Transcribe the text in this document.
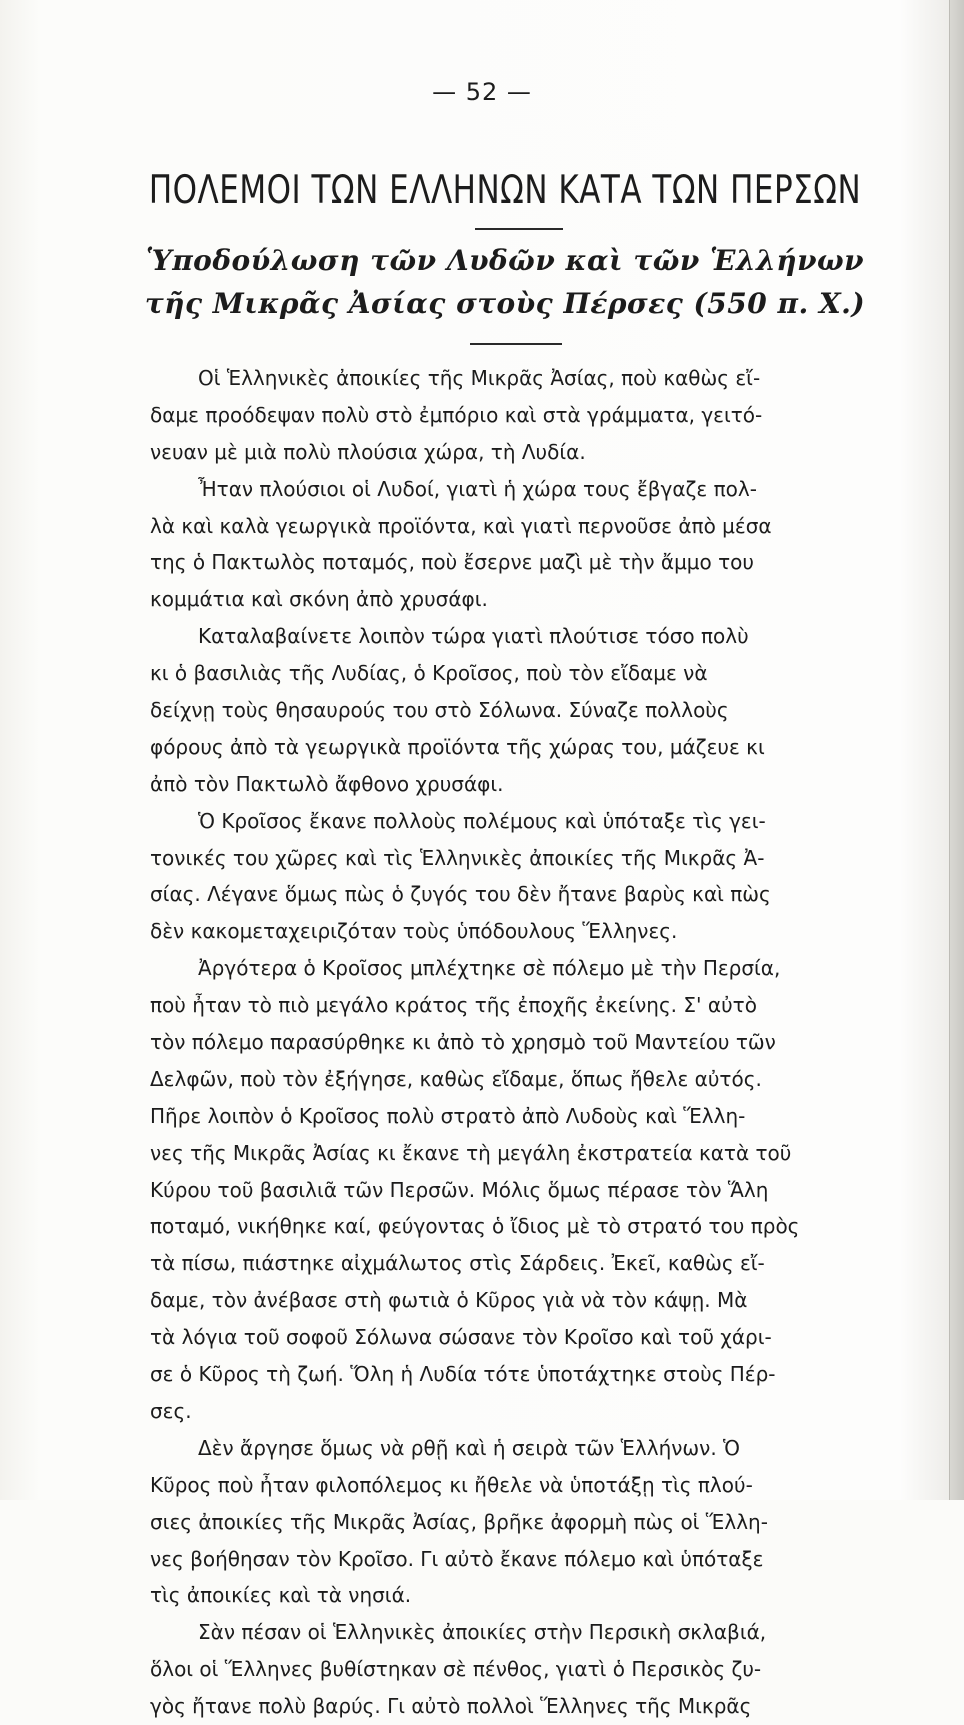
— 52 —
ΠΟΛΕΜΟΙ ΤΩΝ ΕΛΛΗΝΩΝ ΚΑΤΑ ΤΩΝ ΠΕΡΣΩΝ
Ὑποδούλωση τῶν Λυδῶν καὶ τῶν Ἑλλήνων
τῆς Μικρᾶς Ἀσίας στοὺς Πέρσες (550 π. Χ.)
Οἱ Ἑλληνικὲς ἀποικίες τῆς Μικρᾶς Ἀσίας, ποὺ καθὼς εἴ-
δαμε προόδεψαν πολὺ στὸ ἐμπόριο καὶ στὰ γράμματα, γειτό-
νευαν μὲ μιὰ πολὺ πλούσια χώρα, τὴ Λυδία.
Ἦταν πλούσιοι οἱ Λυδοί, γιατὶ ἡ χώρα τους ἔβγαζε πολ-
λὰ καὶ καλὰ γεωργικὰ προϊόντα, καὶ γιατὶ περνοῦσε ἀπὸ μέσα
της ὁ Πακτωλὸς ποταμός, ποὺ ἔσερνε μαζὶ μὲ τὴν ἄμμο του
κομμάτια καὶ σκόνη ἀπὸ χρυσάφι.
Καταλαβαίνετε λοιπὸν τώρα γιατὶ πλούτισε τόσο πολὺ
κι ὁ βασιλιὰς τῆς Λυδίας, ὁ Κροῖσος, ποὺ τὸν εἴδαμε νὰ
δείχνῃ τοὺς θησαυρούς του στὸ Σόλωνα. Σύναζε πολλοὺς
φόρους ἀπὸ τὰ γεωργικὰ προϊόντα τῆς χώρας του, μάζευε κι
ἀπὸ τὸν Πακτωλὸ ἄφθονο χρυσάφι.
Ὁ Κροῖσος ἔκανε πολλοὺς πολέμους καὶ ὑπόταξε τὶς γει-
τονικές του χῶρες καὶ τὶς Ἑλληνικὲς ἀποικίες τῆς Μικρᾶς Ἀ-
σίας. Λέγανε ὅμως πὼς ὁ ζυγός του δὲν ἤτανε βαρὺς καὶ πὼς
δὲν κακομεταχειριζόταν τοὺς ὑπόδουλους Ἕλληνες.
Ἀργότερα ὁ Κροῖσος μπλέχτηκε σὲ πόλεμο μὲ τὴν Περσία,
ποὺ ἦταν τὸ πιὸ μεγάλο κράτος τῆς ἐποχῆς ἐκείνης. Σ' αὐτὸ
τὸν πόλεμο παρασύρθηκε κι ἀπὸ τὸ χρησμὸ τοῦ Μαντείου τῶν
Δελφῶν, ποὺ τὸν ἐξήγησε, καθὼς εἴδαμε, ὅπως ἤθελε αὐτός.
Πῆρε λοιπὸν ὁ Κροῖσος πολὺ στρατὸ ἀπὸ Λυδοὺς καὶ Ἕλλη-
νες τῆς Μικρᾶς Ἀσίας κι ἔκανε τὴ μεγάλη ἐκστρατεία κατὰ τοῦ
Κύρου τοῦ βασιλιᾶ τῶν Περσῶν. Μόλις ὅμως πέρασε τὸν Ἅλη
ποταμό, νικήθηκε καί, φεύγοντας ὁ ἴδιος μὲ τὸ στρατό του πρὸς
τὰ πίσω, πιάστηκε αἰχμάλωτος στὶς Σάρδεις. Ἐκεῖ, καθὼς εἴ-
δαμε, τὸν ἀνέβασε στὴ φωτιὰ ὁ Κῦρος γιὰ νὰ τὸν κάψῃ. Μὰ
τὰ λόγια τοῦ σοφοῦ Σόλωνα σώσανε τὸν Κροῖσο καὶ τοῦ χάρι-
σε ὁ Κῦρος τὴ ζωή. Ὅλη ἡ Λυδία τότε ὑποτάχτηκε στοὺς Πέρ-
σες.
Δὲν ἄργησε ὅμως νὰ ρθῇ καὶ ἡ σειρὰ τῶν Ἑλλήνων. Ὁ
Κῦρος ποὺ ἦταν φιλοπόλεμος κι ἤθελε νὰ ὑποτάξῃ τὶς πλού-
σιες ἀποικίες τῆς Μικρᾶς Ἀσίας, βρῆκε ἀφορμὴ πὼς οἱ Ἕλλη-
νες βοήθησαν τὸν Κροῖσο. Γι αὐτὸ ἔκανε πόλεμο καὶ ὑπόταξε
τὶς ἀποικίες καὶ τὰ νησιά.
Σὰν πέσαν οἱ Ἑλληνικὲς ἀποικίες στὴν Περσικὴ σκλαβιά,
ὅλοι οἱ Ἕλληνες βυθίστηκαν σὲ πένθος, γιατὶ ὁ Περσικὸς ζυ-
γὸς ἤτανε πολὺ βαρύς. Γι αὐτὸ πολλοὶ Ἕλληνες τῆς Μικρᾶς
